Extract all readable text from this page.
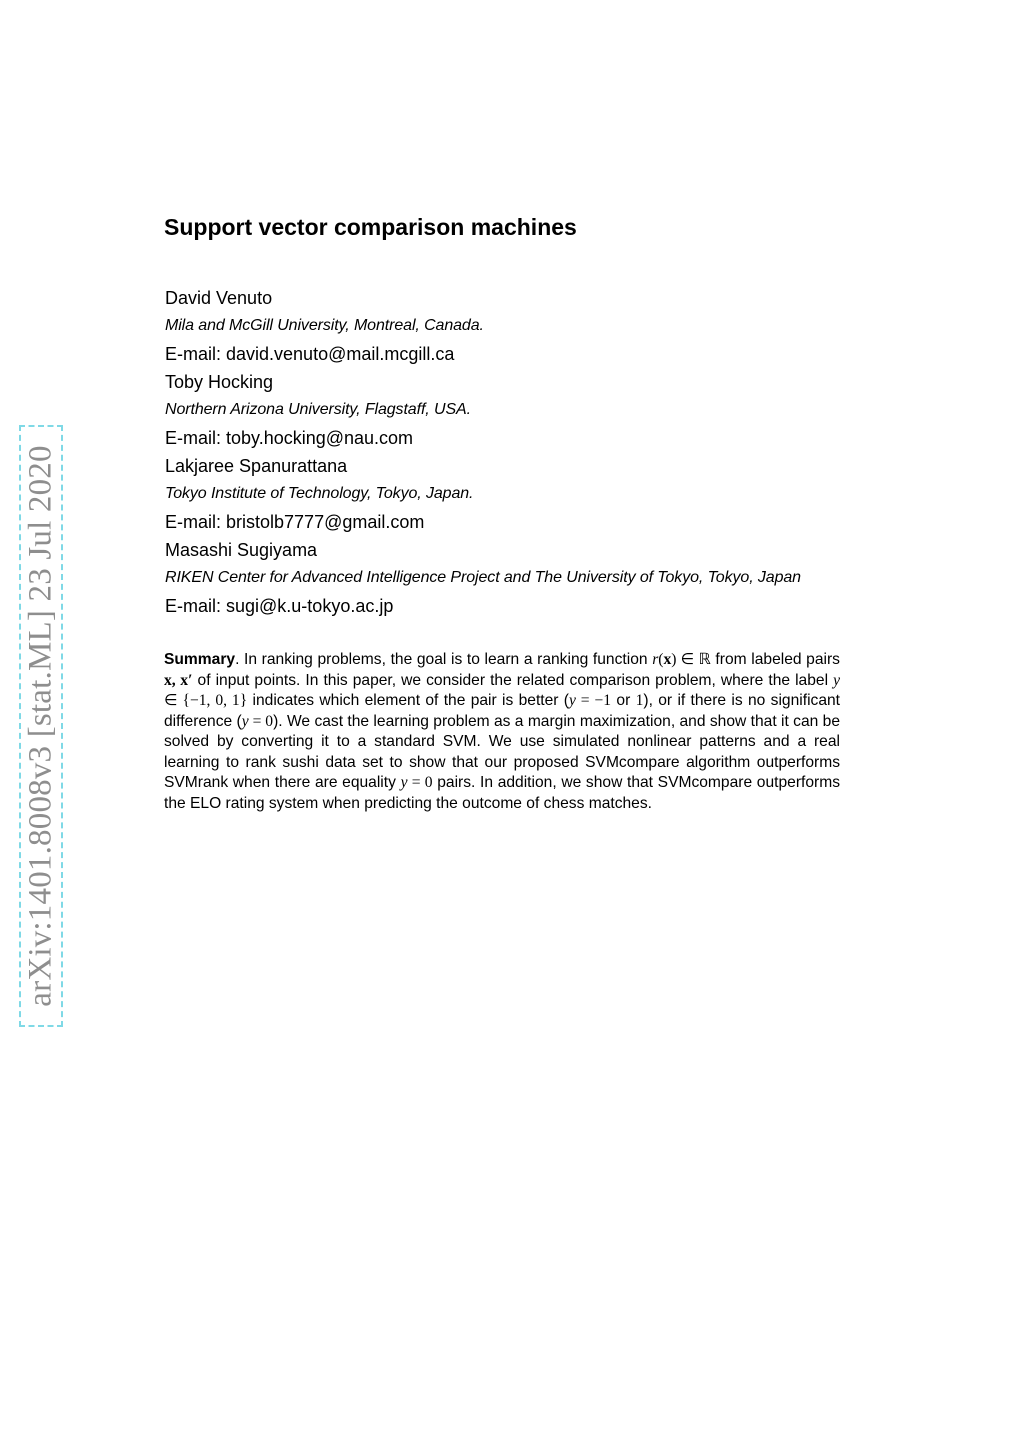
arXiv:1401.8008v3 [stat.ML] 23 Jul 2020
Support vector comparison machines
David Venuto
Mila and McGill University, Montreal, Canada.
E-mail: david.venuto@mail.mcgill.ca
Toby Hocking
Northern Arizona University, Flagstaff, USA.
E-mail: toby.hocking@nau.com
Lakjaree Spanurattana
Tokyo Institute of Technology, Tokyo, Japan.
E-mail: bristolb7777@gmail.com
Masashi Sugiyama
RIKEN Center for Advanced Intelligence Project and The University of Tokyo, Tokyo, Japan
E-mail: sugi@k.u-tokyo.ac.jp
Summary. In ranking problems, the goal is to learn a ranking function r(x) ∈ ℝ from labeled pairs x, x′ of input points. In this paper, we consider the related comparison problem, where the label y ∈ {−1, 0, 1} indicates which element of the pair is better (y = −1 or 1), or if there is no significant difference (y = 0). We cast the learning problem as a margin maximization, and show that it can be solved by converting it to a standard SVM. We use simulated nonlinear patterns and a real learning to rank sushi data set to show that our proposed SVMcompare algorithm outperforms SVMrank when there are equality y = 0 pairs. In addition, we show that SVMcompare outperforms the ELO rating system when predicting the outcome of chess matches.
